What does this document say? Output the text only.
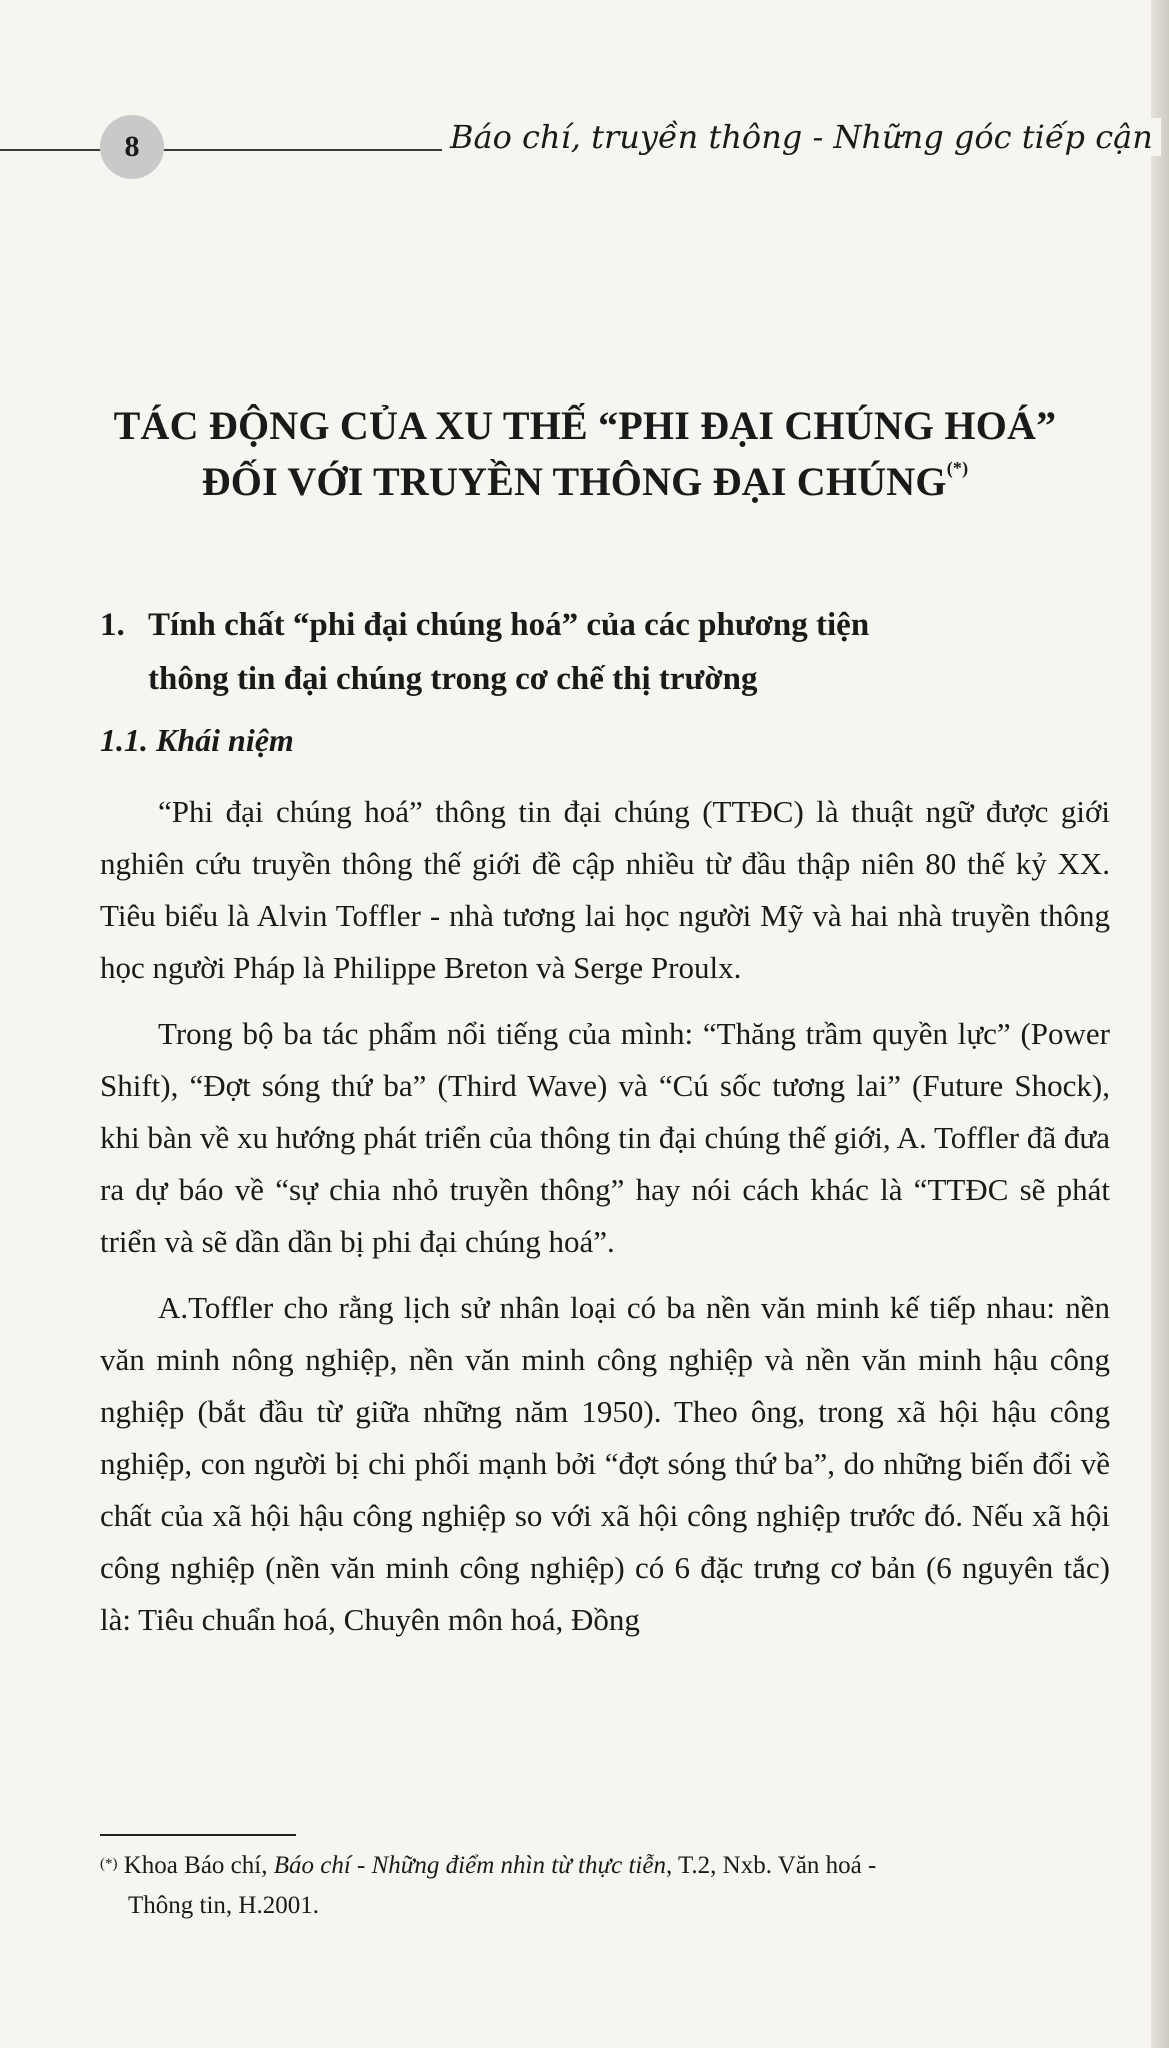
8	Báo chí, truyền thông - Những góc tiếp cận
TÁC ĐỘNG CỦA XU THẾ “PHI ĐẠI CHÚNG HOÁ”
ĐỐI VỚI TRUYỀN THÔNG ĐẠI CHÚNG(*)
1. Tính chất “phi đại chúng hoá” của các phương tiện
thông tin đại chúng trong cơ chế thị trường
1.1. Khái niệm

“Phi đại chúng hoá” thông tin đại chúng (TTĐC) là thuật ngữ được giới nghiên cứu truyền thông thế giới đề cập nhiều từ đầu thập niên 80 thế kỷ XX. Tiêu biểu là Alvin Toffler - nhà tương lai học người Mỹ và hai nhà truyền thông học người Pháp là Philippe Breton và Serge Proulx.

Trong bộ ba tác phẩm nổi tiếng của mình: “Thăng trầm quyền lực” (Power Shift), “Đợt sóng thứ ba” (Third Wave) và “Cú sốc tương lai” (Future Shock), khi bàn về xu hướng phát triển của thông tin đại chúng thế giới, A. Toffler đã đưa ra dự báo về “sự chia nhỏ truyền thông” hay nói cách khác là “TTĐC sẽ phát triển và sẽ dần dần bị phi đại chúng hoá”.

A.Toffler cho rằng lịch sử nhân loại có ba nền văn minh kế tiếp nhau: nền văn minh nông nghiệp, nền văn minh công nghiệp và nền văn minh hậu công nghiệp (bắt đầu từ giữa những năm 1950). Theo ông, trong xã hội hậu công nghiệp, con người bị chi phối mạnh bởi “đợt sóng thứ ba”, do những biến đổi về chất của xã hội hậu công nghiệp so với xã hội công nghiệp trước đó. Nếu xã hội công nghiệp (nền văn minh công nghiệp) có 6 đặc trưng cơ bản (6 nguyên tắc) là: Tiêu chuẩn hoá, Chuyên môn hoá, Đồng

(*) Khoa Báo chí, Báo chí - Những điểm nhìn từ thực tiễn, T.2, Nxb. Văn hoá -
Thông tin, H.2001.
